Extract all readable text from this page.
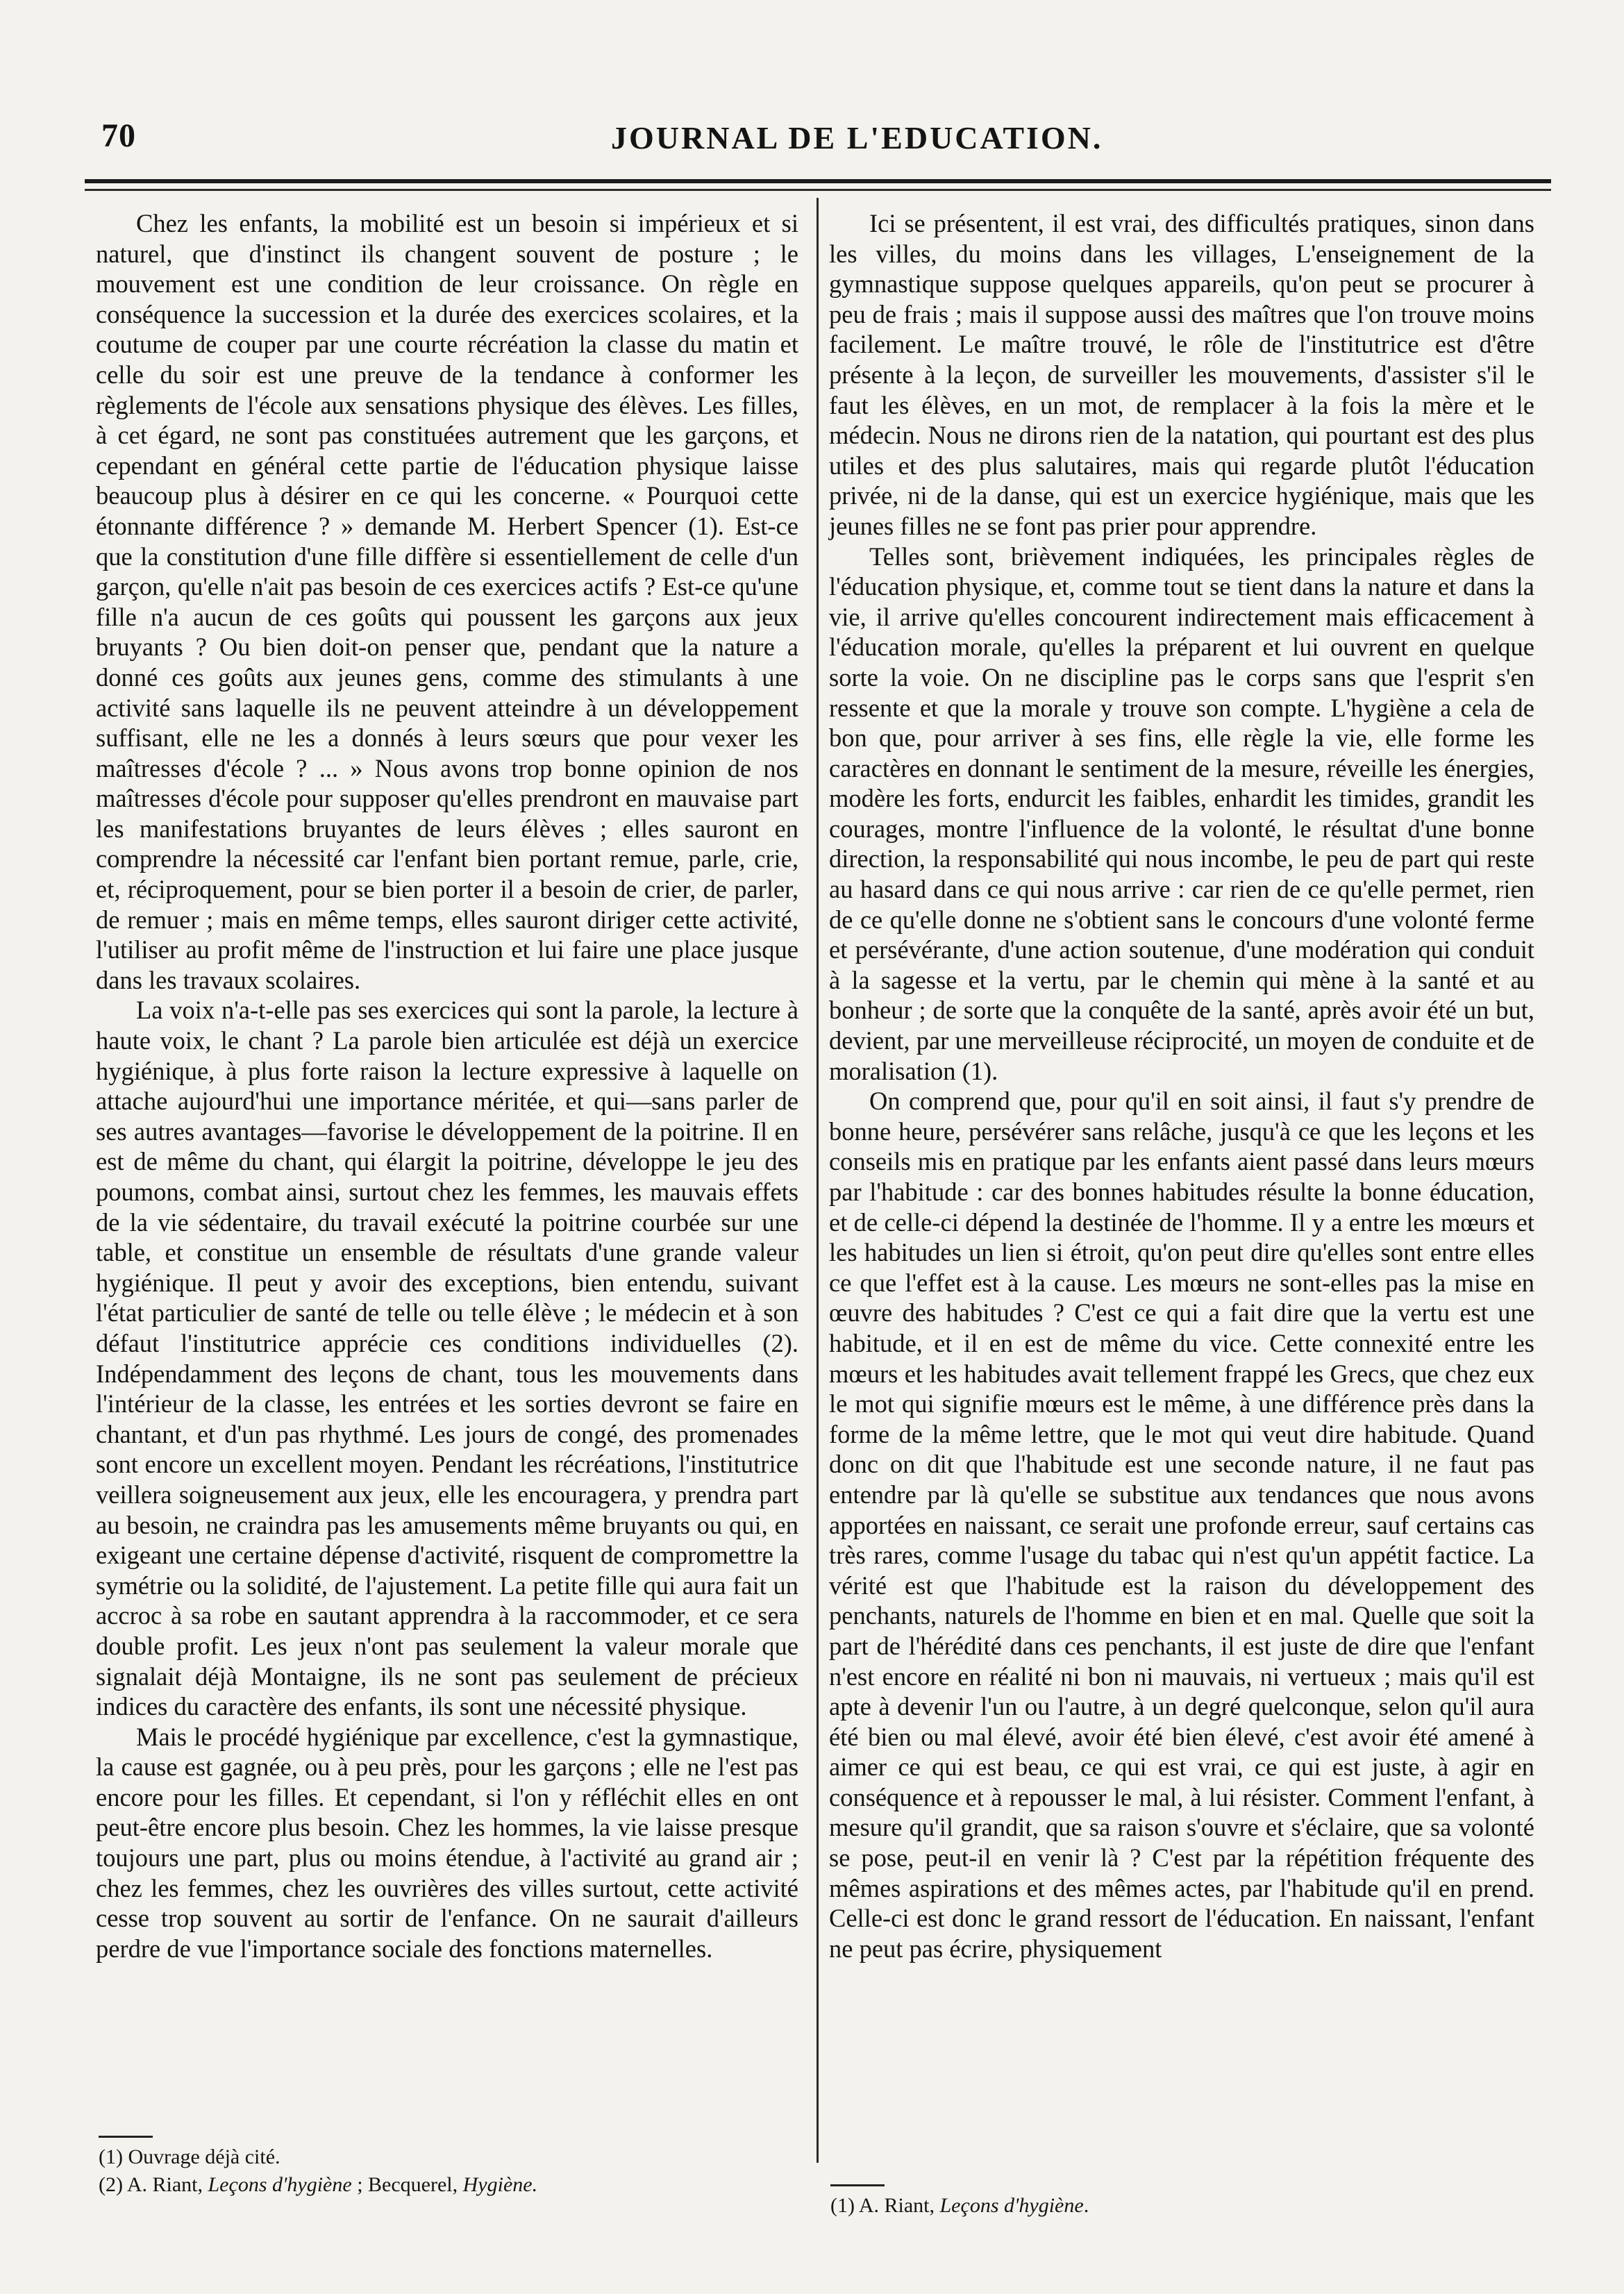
70	JOURNAL DE L'EDUCATION.

Chez les enfants, la mobilité est un besoin si impérieux et si naturel, que d'instinct ils changent souvent de posture ; le mouvement est une condition de leur croissance. On règle en conséquence la succession et la durée des exercices scolaires, et la coutume de couper par une courte récréation la classe du matin et celle du soir est une preuve de la tendance à conformer les règlements de l'école aux sensations physique des élèves. Les filles, à cet égard, ne sont pas constituées autrement que les garçons, et cependant en général cette partie de l'éducation physique laisse beaucoup plus à désirer en ce qui les concerne. « Pourquoi cette étonnante différence ? » demande M. Herbert Spencer (1). Est-ce que la constitution d'une fille diffère si essentiellement de celle d'un garçon, qu'elle n'ait pas besoin de ces exercices actifs ? Est-ce qu'une fille n'a aucun de ces goûts qui poussent les garçons aux jeux bruyants ? Ou bien doit-on penser que, pendant que la nature a donné ces goûts aux jeunes gens, comme des stimulants à une activité sans laquelle ils ne peuvent atteindre à un développement suffisant, elle ne les a donnés à leurs sœurs que pour vexer les maîtresses d'école ? ... » Nous avons trop bonne opinion de nos maîtresses d'école pour supposer qu'elles prendront en mauvaise part les manifestations bruyantes de leurs élèves ; elles sauront en comprendre la nécessité car l'enfant bien portant remue, parle, crie, et, réciproquement, pour se bien porter il a besoin de crier, de parler, de remuer ; mais en même temps, elles sauront diriger cette activité, l'utiliser au profit même de l'instruction et lui faire une place jusque dans les travaux scolaires.

La voix n'a-t-elle pas ses exercices qui sont la parole, la lecture à haute voix, le chant ? La parole bien articulée est déjà un exercice hygiénique, à plus forte raison la lecture expressive à laquelle on attache aujourd'hui une importance méritée, et qui—sans parler de ses autres avantages—favorise le développement de la poitrine. Il en est de même du chant, qui élargit la poitrine, développe le jeu des poumons, combat ainsi, surtout chez les femmes, les mauvais effets de la vie sédentaire, du travail exécuté la poitrine courbée sur une table, et constitue un ensemble de résultats d'une grande valeur hygiénique. Il peut y avoir des exceptions, bien entendu, suivant l'état particulier de santé de telle ou telle élève ; le médecin et à son défaut l'institutrice apprécie ces conditions individuelles (2). Indépendamment des leçons de chant, tous les mouvements dans l'intérieur de la classe, les entrées et les sorties devront se faire en chantant, et d'un pas rhythmé. Les jours de congé, des promenades sont encore un excellent moyen. Pendant les récréations, l'institutrice veillera soigneusement aux jeux, elle les encouragera, y prendra part au besoin, ne craindra pas les amusements même bruyants ou qui, en exigeant une certaine dépense d'activité, risquent de compromettre la symétrie ou la solidité, de l'ajustement. La petite fille qui aura fait un accroc à sa robe en sautant apprendra à la raccommoder, et ce sera double profit. Les jeux n'ont pas seulement la valeur morale que signalait déjà Montaigne, ils ne sont pas seulement de précieux indices du caractère des enfants, ils sont une nécessité physique.

Mais le procédé hygiénique par excellence, c'est la gymnastique, la cause est gagnée, ou à peu près, pour les garçons ; elle ne l'est pas encore pour les filles. Et cependant, si l'on y réfléchit elles en ont peut-être encore plus besoin. Chez les hommes, la vie laisse presque toujours une part, plus ou moins étendue, à l'activité au grand air ; chez les femmes, chez les ouvrières des villes surtout, cette activité cesse trop souvent au sortir de l'enfance. On ne saurait d'ailleurs perdre de vue l'importance sociale des fonctions maternelles.

Ici se présentent, il est vrai, des difficultés pratiques, sinon dans les villes, du moins dans les villages, L'enseignement de la gymnastique suppose quelques appareils, qu'on peut se procurer à peu de frais ; mais il suppose aussi des maîtres que l'on trouve moins facilement. Le maître trouvé, le rôle de l'institutrice est d'être présente à la leçon, de surveiller les mouvements, d'assister s'il le faut les élèves, en un mot, de remplacer à la fois la mère et le médecin. Nous ne dirons rien de la natation, qui pourtant est des plus utiles et des plus salutaires, mais qui regarde plutôt l'éducation privée, ni de la danse, qui est un exercice hygiénique, mais que les jeunes filles ne se font pas prier pour apprendre.

Telles sont, brièvement indiquées, les principales règles de l'éducation physique, et, comme tout se tient dans la nature et dans la vie, il arrive qu'elles concourent indirectement mais efficacement à l'éducation morale, qu'elles la préparent et lui ouvrent en quelque sorte la voie. On ne discipline pas le corps sans que l'esprit s'en ressente et que la morale y trouve son compte. L'hygiène a cela de bon que, pour arriver à ses fins, elle règle la vie, elle forme les caractères en donnant le sentiment de la mesure, réveille les énergies, modère les forts, endurcit les faibles, enhardit les timides, grandit les courages, montre l'influence de la volonté, le résultat d'une bonne direction, la responsabilité qui nous incombe, le peu de part qui reste au hasard dans ce qui nous arrive : car rien de ce qu'elle permet, rien de ce qu'elle donne ne s'obtient sans le concours d'une volonté ferme et persévérante, d'une action soutenue, d'une modération qui conduit à la sagesse et la vertu, par le chemin qui mène à la santé et au bonheur ; de sorte que la conquête de la santé, après avoir été un but, devient, par une merveilleuse réciprocité, un moyen de conduite et de moralisation (1).

On comprend que, pour qu'il en soit ainsi, il faut s'y prendre de bonne heure, persévérer sans relâche, jusqu'à ce que les leçons et les conseils mis en pratique par les enfants aient passé dans leurs mœurs par l'habitude : car des bonnes habitudes résulte la bonne éducation, et de celle-ci dépend la destinée de l'homme. Il y a entre les mœurs et les habitudes un lien si étroit, qu'on peut dire qu'elles sont entre elles ce que l'effet est à la cause. Les mœurs ne sont-elles pas la mise en œuvre des habitudes ? C'est ce qui a fait dire que la vertu est une habitude, et il en est de même du vice. Cette connexité entre les mœurs et les habitudes avait tellement frappé les Grecs, que chez eux le mot qui signifie mœurs est le même, à une différence près dans la forme de la même lettre, que le mot qui veut dire habitude. Quand donc on dit que l'habitude est une seconde nature, il ne faut pas entendre par là qu'elle se substitue aux tendances que nous avons apportées en naissant, ce serait une profonde erreur, sauf certains cas très rares, comme l'usage du tabac qui n'est qu'un appétit factice. La vérité est que l'habitude est la raison du développement des penchants, naturels de l'homme en bien et en mal. Quelle que soit la part de l'hérédité dans ces penchants, il est juste de dire que l'enfant n'est encore en réalité ni bon ni mauvais, ni vertueux ; mais qu'il est apte à devenir l'un ou l'autre, à un degré quelconque, selon qu'il aura été bien ou mal élevé, avoir été bien élevé, c'est avoir été amené à aimer ce qui est beau, ce qui est vrai, ce qui est juste, à agir en conséquence et à repousser le mal, à lui résister. Comment l'enfant, à mesure qu'il grandit, que sa raison s'ouvre et s'éclaire, que sa volonté se pose, peut-il en venir là ? C'est par la répétition fréquente des mêmes aspirations et des mêmes actes, par l'habitude qu'il en prend. Celle-ci est donc le grand ressort de l'éducation. En naissant, l'enfant ne peut pas écrire, physiquement

(1) Ouvrage déjà cité.
(2) A. Riant, Leçons d'hygiène ; Becquerel, Hygiène.
(1) A. Riant, Leçons d'hygiène.
